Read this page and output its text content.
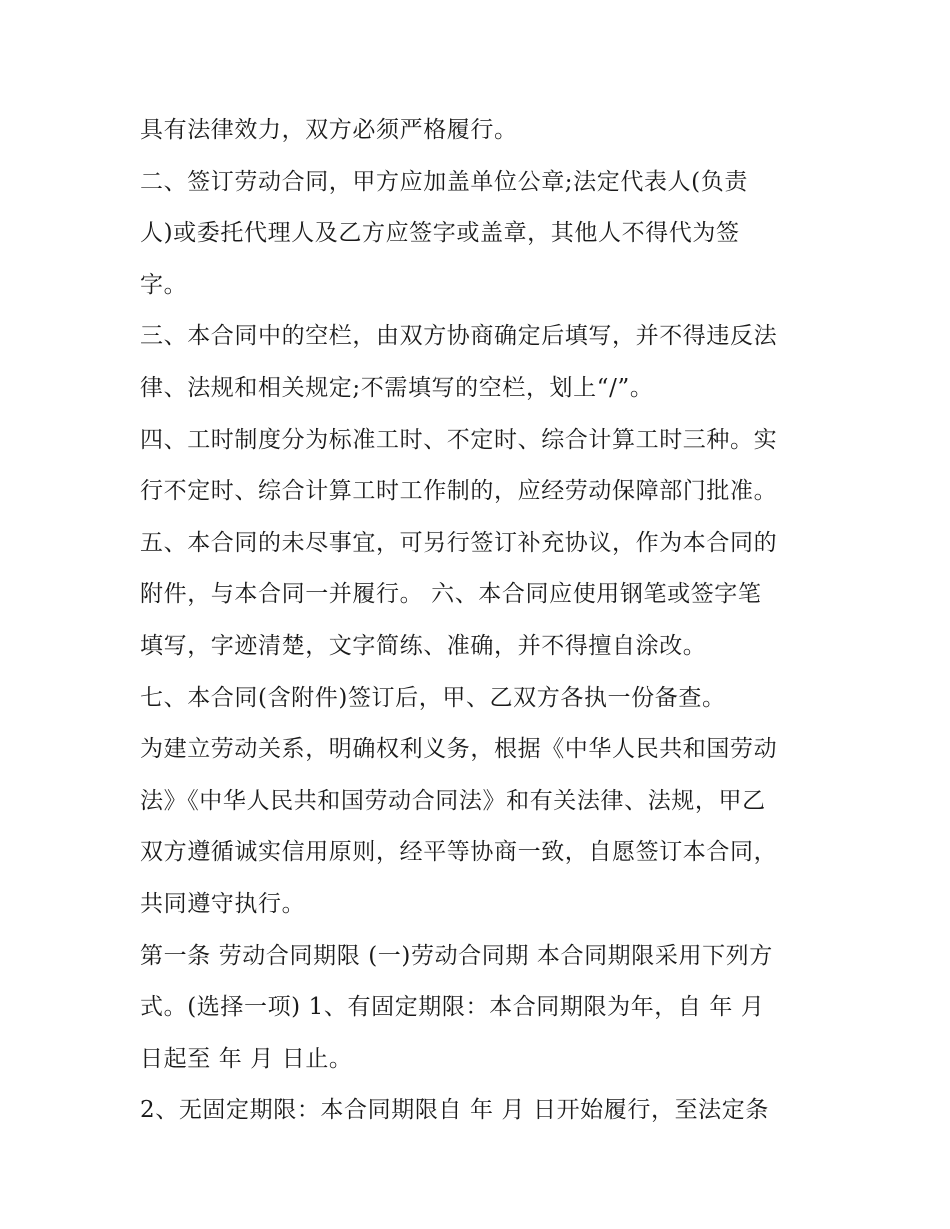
具有法律效力，双方必须严格履行。
二、签订劳动合同，甲方应加盖单位公章;法定代表人(负责
人)或委托代理人及乙方应签字或盖章，其他人不得代为签
字。
三、本合同中的空栏，由双方协商确定后填写，并不得违反法
律、法规和相关规定;不需填写的空栏，划上“/”。
四、工时制度分为标准工时、不定时、综合计算工时三种。实
行不定时、综合计算工时工作制的，应经劳动保障部门批准。
五、本合同的未尽事宜，可另行签订补充协议，作为本合同的
附件，与本合同一并履行。 六、本合同应使用钢笔或签字笔
填写，字迹清楚，文字简练、准确，并不得擅自涂改。
七、本合同(含附件)签订后，甲、乙双方各执一份备查。
为建立劳动关系，明确权利义务，根据《中华人民共和国劳动
法》《中华人民共和国劳动合同法》和有关法律、法规，甲乙
双方遵循诚实信用原则，经平等协商一致，自愿签订本合同，
共同遵守执行。
第一条 劳动合同期限 (一)劳动合同期 本合同期限采用下列方
式。(选择一项) 1、有固定期限：本合同期限为年，自 年 月
日起至 年 月 日止。
2、无固定期限：本合同期限自 年 月 日开始履行，至法定条
